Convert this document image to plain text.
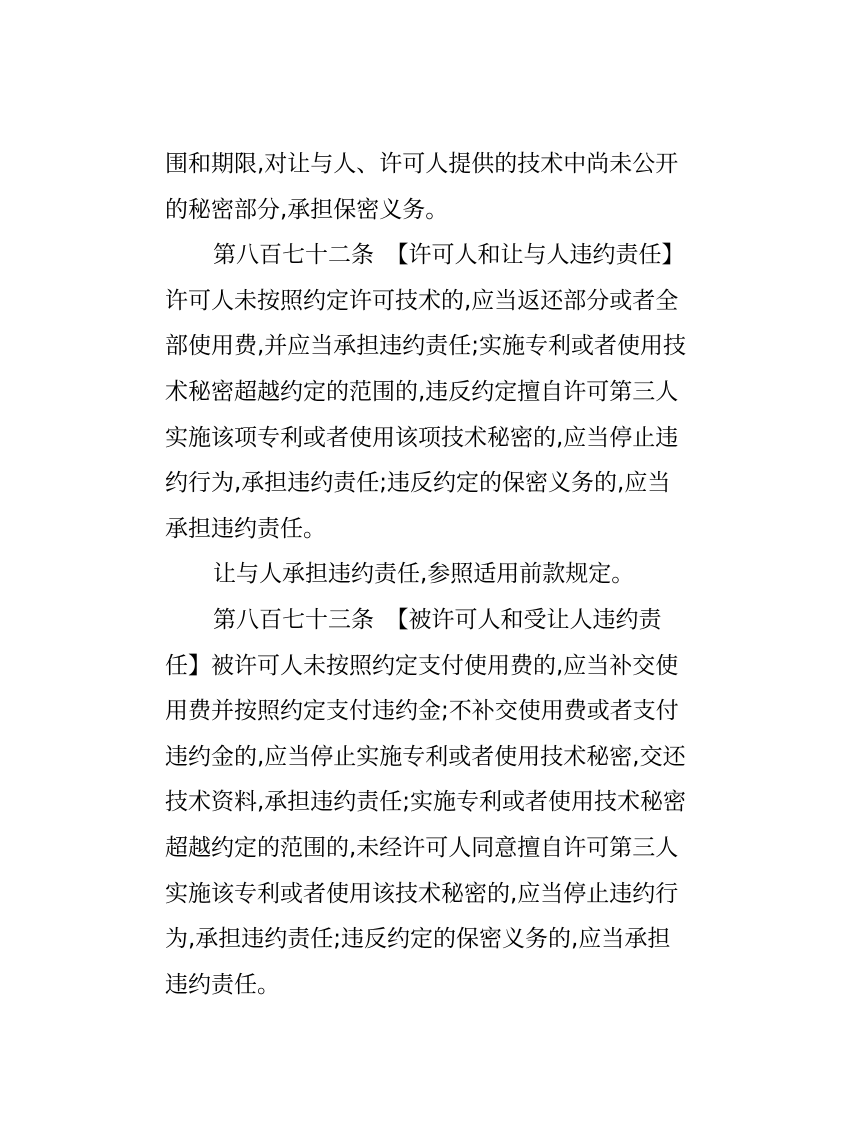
围和期限,对让与人、许可人提供的技术中尚未公开
的秘密部分,承担保密义务。
第八百七十二条　【许可人和让与人违约责任】
许可人未按照约定许可技术的,应当返还部分或者全
部使用费,并应当承担违约责任;实施专利或者使用技
术秘密超越约定的范围的,违反约定擅自许可第三人
实施该项专利或者使用该项技术秘密的,应当停止违
约行为,承担违约责任;违反约定的保密义务的,应当
承担违约责任。
让与人承担违约责任,参照适用前款规定。
第八百七十三条　【被许可人和受让人违约责
任】被许可人未按照约定支付使用费的,应当补交使
用费并按照约定支付违约金;不补交使用费或者支付
违约金的,应当停止实施专利或者使用技术秘密,交还
技术资料,承担违约责任;实施专利或者使用技术秘密
超越约定的范围的,未经许可人同意擅自许可第三人
实施该专利或者使用该技术秘密的,应当停止违约行
为,承担违约责任;违反约定的保密义务的,应当承担
违约责任。
